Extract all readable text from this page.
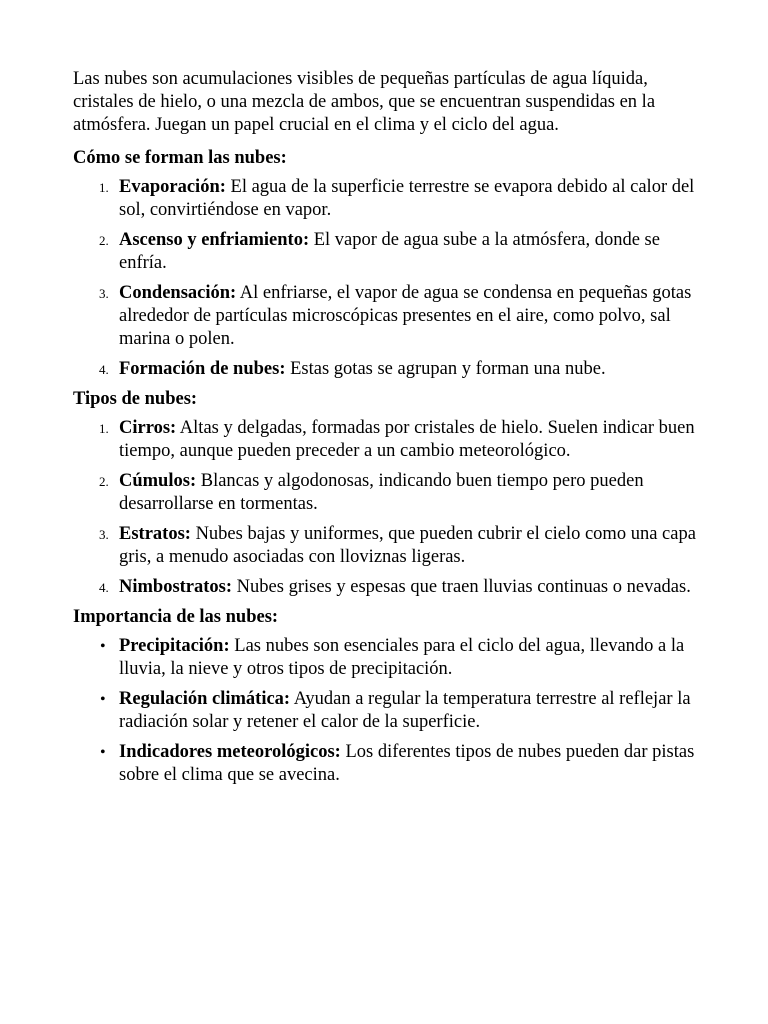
Las nubes son acumulaciones visibles de pequeñas partículas de agua líquida, cristales de hielo, o una mezcla de ambos, que se encuentran suspendidas en la atmósfera. Juegan un papel crucial en el clima y el ciclo del agua.

Cómo se forman las nubes:
1. Evaporación: El agua de la superficie terrestre se evapora debido al calor del sol, convirtiéndose en vapor.
2. Ascenso y enfriamiento: El vapor de agua sube a la atmósfera, donde se enfría.
3. Condensación: Al enfriarse, el vapor de agua se condensa en pequeñas gotas alrededor de partículas microscópicas presentes en el aire, como polvo, sal marina o polen.
4. Formación de nubes: Estas gotas se agrupan y forman una nube.
Tipos de nubes:
1. Cirros: Altas y delgadas, formadas por cristales de hielo. Suelen indicar buen tiempo, aunque pueden preceder a un cambio meteorológico.
2. Cúmulos: Blancas y algodonosas, indicando buen tiempo pero pueden desarrollarse en tormentas.
3. Estratos: Nubes bajas y uniformes, que pueden cubrir el cielo como una capa gris, a menudo asociadas con lloviznas ligeras.
4. Nimbostratos: Nubes grises y espesas que traen lluvias continuas o nevadas.
Importancia de las nubes:
• Precipitación: Las nubes son esenciales para el ciclo del agua, llevando a la lluvia, la nieve y otros tipos de precipitación.
• Regulación climática: Ayudan a regular la temperatura terrestre al reflejar la radiación solar y retener el calor de la superficie.
• Indicadores meteorológicos: Los diferentes tipos de nubes pueden dar pistas sobre el clima que se avecina.
